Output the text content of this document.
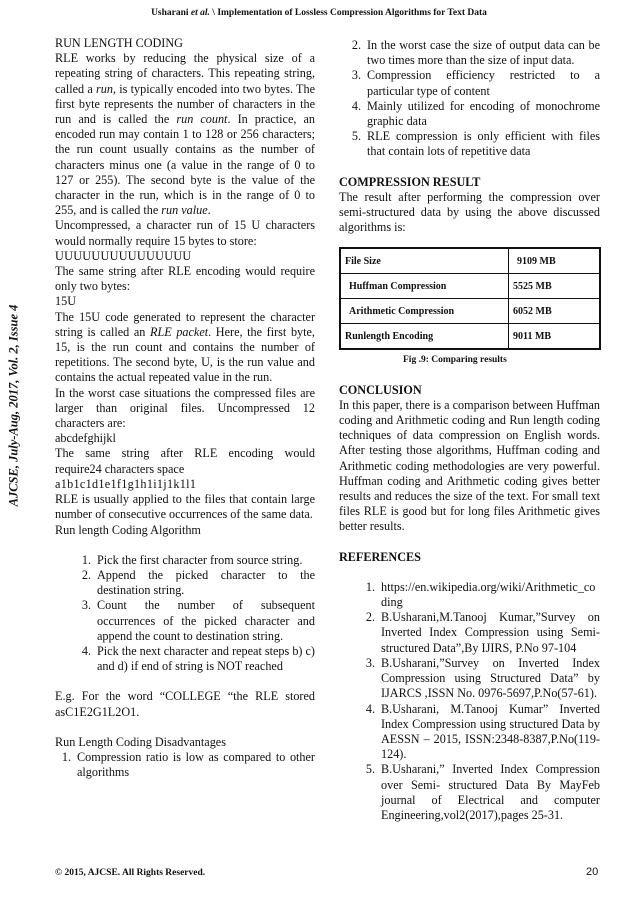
Usharani et al. \ Implementation of Lossless Compression Algorithms for Text Data
AJCSE, July-Aug, 2017, Vol. 2, Issue 4

RUN LENGTH CODING

RLE works by reducing the physical size of a repeating string of characters. This repeating string, called a run, is typically encoded into two bytes. The first byte represents the number of characters in the run and is called the run count. In practice, an encoded run may contain 1 to 128 or 256 characters; the run count usually contains as the number of characters minus one (a value in the range of 0 to 127 or 255). The second byte is the value of the character in the run, which is in the range of 0 to 255, and is called the run value.

Uncompressed, a character run of 15 U characters would normally require 15 bytes to store:

UUUUUUUUUUUUUUU

The same string after RLE encoding would require only two bytes:

15U

The 15U code generated to represent the character string is called an RLE packet. Here, the first byte, 15, is the run count and contains the number of repetitions. The second byte, U, is the run value and contains the actual repeated value in the run.

In the worst case situations the compressed files are larger than original files. Uncompressed 12 characters are:

abcdefghijkl

The same string after RLE encoding would require24 characters space

a1b1c1d1e1f1g1h1i1j1k1l1

RLE is usually applied to the files that contain large number of consecutive occurrences of the same data.

Run length Coding Algorithm

1. Pick the first character from source string.
2. Append the picked character to the destination string.
3. Count the number of subsequent occurrences of the picked character and append the count to destination string.
4. Pick the next character and repeat steps b) c) and d) if end of string is NOT reached

E.g. For the word “COLLEGE “the RLE stored asC1E2G1L2O1.

Run Length Coding Disadvantages

1. Compression ratio is low as compared to other algorithms
2. In the worst case the size of output data can be two times more than the size of input data.
3. Compression efficiency restricted to a particular type of content
4. Mainly utilized for encoding of monochrome graphic data
5. RLE compression is only efficient with files that contain lots of repetitive data

COMPRESSION RESULT

The result after performing the compression over semi-structured data by using the above discussed algorithms is:

File Size	9109 MB
Huffman Compression	5525 MB
Arithmetic Compression	6052 MB
Runlength Encoding	9011 MB

Fig .9: Comparing results

CONCLUSION

In this paper, there is a comparison between Huffman coding and Arithmetic coding and Run length coding techniques of data compression on English words. After testing those algorithms, Huffman coding and Arithmetic coding methodologies are very powerful. Huffman coding and Arithmetic coding gives better results and reduces the size of the text. For small text files RLE is good but for long files Arithmetic gives better results.

REFERENCES

1. https://en.wikipedia.org/wiki/Arithmetic_coding
2. B.Usharani,M.Tanooj Kumar,”Survey on Inverted Index Compression using Semi-structured Data”,By IJIRS, P.No 97-104
3. B.Usharani,”Survey on Inverted Index Compression using Structured Data” by IJARCS ,ISSN No. 0976-5697,P.No(57-61).
4. B.Usharani, M.Tanooj Kumar” Inverted Index Compression using structured Data by AESSN – 2015, ISSN:2348-8387,P.No(119-124).
5. B.Usharani,” Inverted Index Compression over Semi- structured Data By MayFeb journal of Electrical and computer Engineering,vol2(2017),pages 25-31.
© 2015, AJCSE. All Rights Reserved.	20
